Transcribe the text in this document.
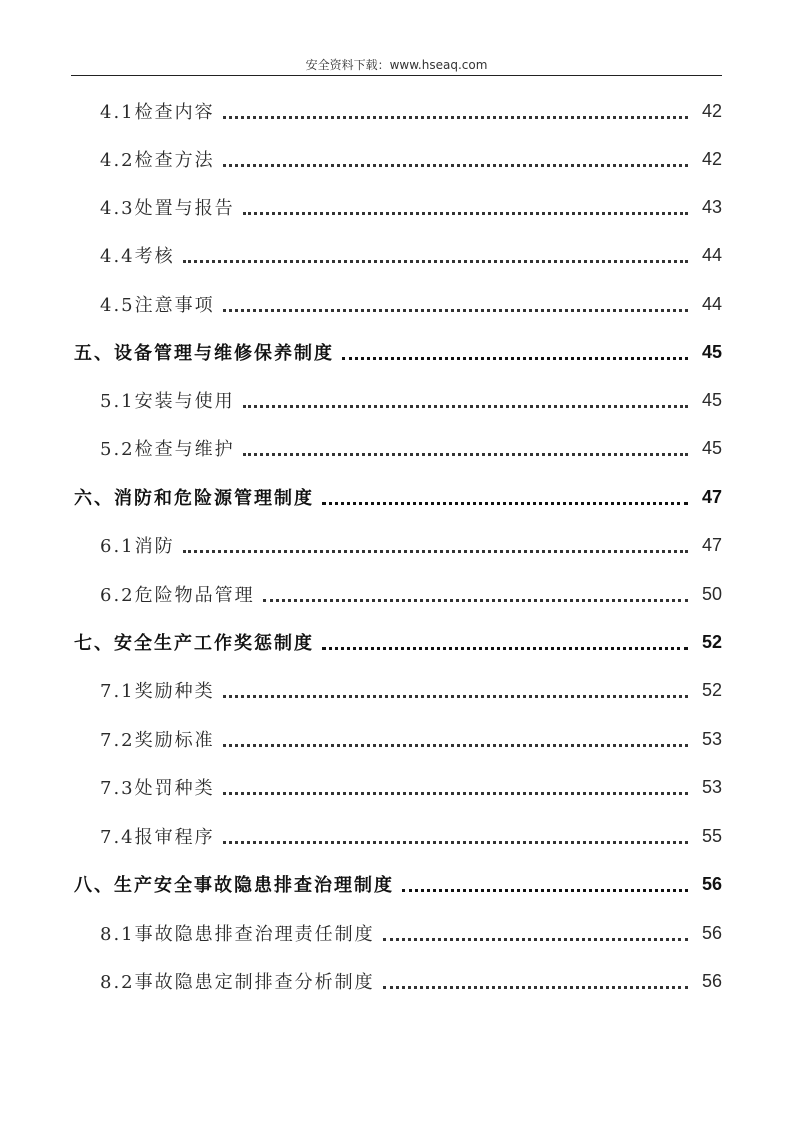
安全资料下载：www.hseaq.com
4.1检查内容	42
4.2检查方法	42
4.3处置与报告	43
4.4考核	44
4.5注意事项	44
五、设备管理与维修保养制度	45
5.1安装与使用	45
5.2检查与维护	45
六、消防和危险源管理制度	47
6.1消防	47
6.2危险物品管理	50
七、安全生产工作奖惩制度	52
7.1奖励种类	52
7.2奖励标准	53
7.3处罚种类	53
7.4报审程序	55
八、生产安全事故隐患排查治理制度	56
8.1事故隐患排查治理责任制度	56
8.2事故隐患定制排查分析制度	56
